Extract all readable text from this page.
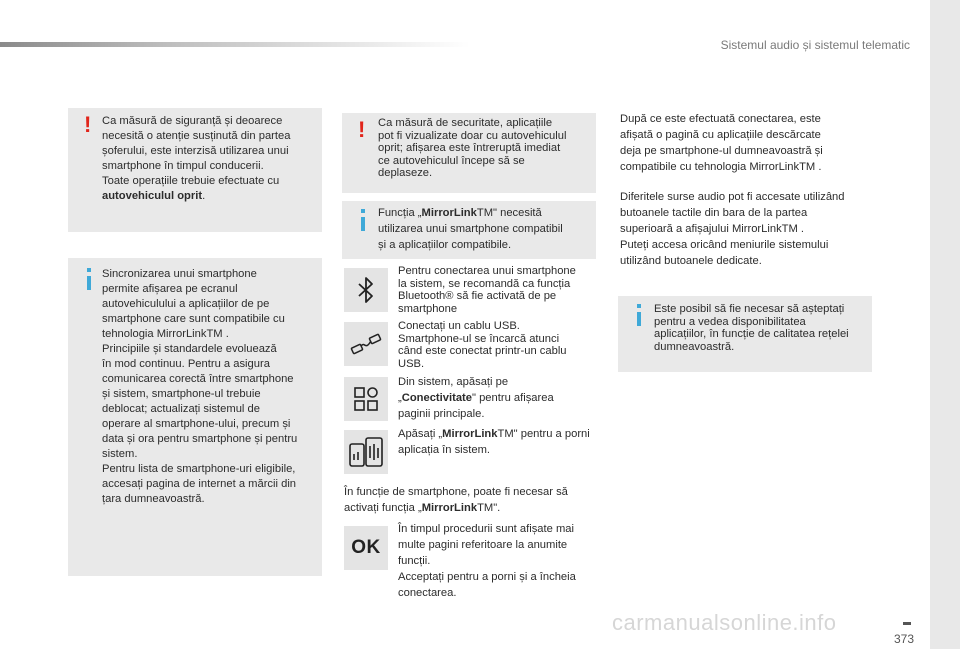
Sistemul audio și sistemul telematic
! Ca măsură de siguranță și deoarece
necesită o atenție susținută din partea
șoferului, este interzisă utilizarea unui
smartphone în timpul conducerii.
Toate operațiile trebuie efectuate cu
autovehiculul oprit.
Sincronizarea unui smartphone
permite afișarea pe ecranul
autovehiculului a aplicațiilor de pe
smartphone care sunt compatibile cu
tehnologia MirrorLinkTM .
Principiile și standardele evoluează
în mod continuu. Pentru a asigura
comunicarea corectă între smartphone
și sistem, smartphone-ul trebuie
deblocat; actualizați sistemul de
operare al smartphone-ului, precum și
data și ora pentru smartphone și pentru
sistem.
Pentru lista de smartphone-uri eligibile,
accesați pagina de internet a mărcii din
țara dumneavoastră.
! Ca măsură de securitate, aplicațiile
pot fi vizualizate doar cu autovehiculul
oprit; afișarea este întreruptă imediat
ce autovehiculul începe să se
deplaseze.
Funcția „MirrorLinkTM" necesită
utilizarea unui smartphone compatibil
și a aplicațiilor compatibile.
Pentru conectarea unui smartphone
la sistem, se recomandă ca funcția
Bluetooth® să fie activată de pe
smartphone
Conectați un cablu USB.
Smartphone-ul se încarcă atunci
când este conectat printr-un cablu
USB.
Din sistem, apăsați pe
„Conectivitate" pentru afișarea
paginii principale.
Apăsați „MirrorLinkTM" pentru a porni
aplicația în sistem.
În funcție de smartphone, poate fi necesar să
activați funcția „MirrorLinkTM".
OK
În timpul procedurii sunt afișate mai
multe pagini referitoare la anumite
funcții.
Acceptați pentru a porni și a încheia
conectarea.
După ce este efectuată conectarea, este
afișată o pagină cu aplicațiile descărcate
deja pe smartphone-ul dumneavoastră și
compatibile cu tehnologia MirrorLinkTM .
Diferitele surse audio pot fi accesate utilizând
butoanele tactile din bara de la partea
superioară a afișajului MirrorLinkTM .
Puteți accesa oricând meniurile sistemului
utilizând butoanele dedicate.
Este posibil să fie necesar să așteptați
pentru a vedea disponibilitatea
aplicațiilor, în funcție de calitatea rețelei
dumneavoastră.
373
carmanualsonline.info
